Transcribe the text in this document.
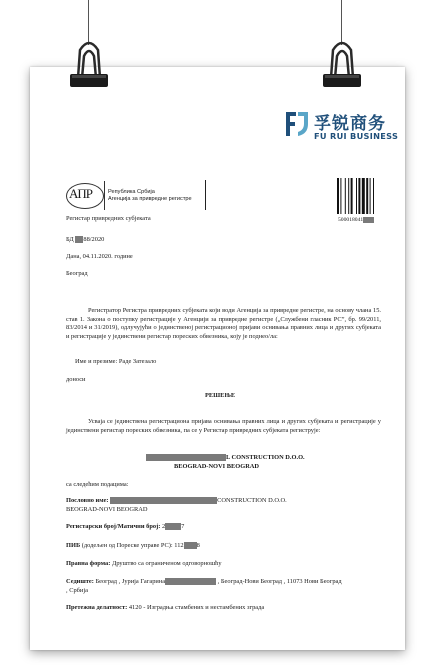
孚锐商务
FU RUI BUSINESS
АПР	Република Србија
Агенција за привредне регистре
500018041
Регистар привредних субјеката
БД 88/2020
Дана, 04.11.2020. године
Београд
Регистратор Регистра привредних субјеката који води Агенција за привредне регистре, на основу члана 15. став 1. Закона о поступку регистрације у Агенцији за привредне регистре („Службени гласник РС”, бр. 99/2011, 83/2014 и 31/2019), одлучујући о јединственој регистрационој пријави оснивања правних лица и других субјеката и регистрације у јединствени регистар пореских обвезника, коју је поднео/ла:
Име и презиме: Раде Затезало
доноси
РЕШЕЊЕ
Усваја се јединствена регистрациона пријава оснивања правних лица и других субјеката и регистрације у јединствени регистар пореских обвезника, па се у Регистар привредних субјеката региструје:
L CONSTRUCTION D.O.O.
BEOGRAD-NOVI BEOGRAD
са следећим подацима:
Пословно име:	CONSTRUCTION D.O.O.
BEOGRAD-NOVI BEOGRAD
Регистарски број/Матични број: 2	7
ПИБ (додељен од Пореске управе РС): 112 8
Правна форма: Друштво са ограниченом одговорношћу
Седиште: Београд , Јурија Гагарина	, Београд-Нови Београд , 11073 Нови Београд
, Србија
Претежна делатност: 4120 - Изградња стамбених и нестамбених зграда
